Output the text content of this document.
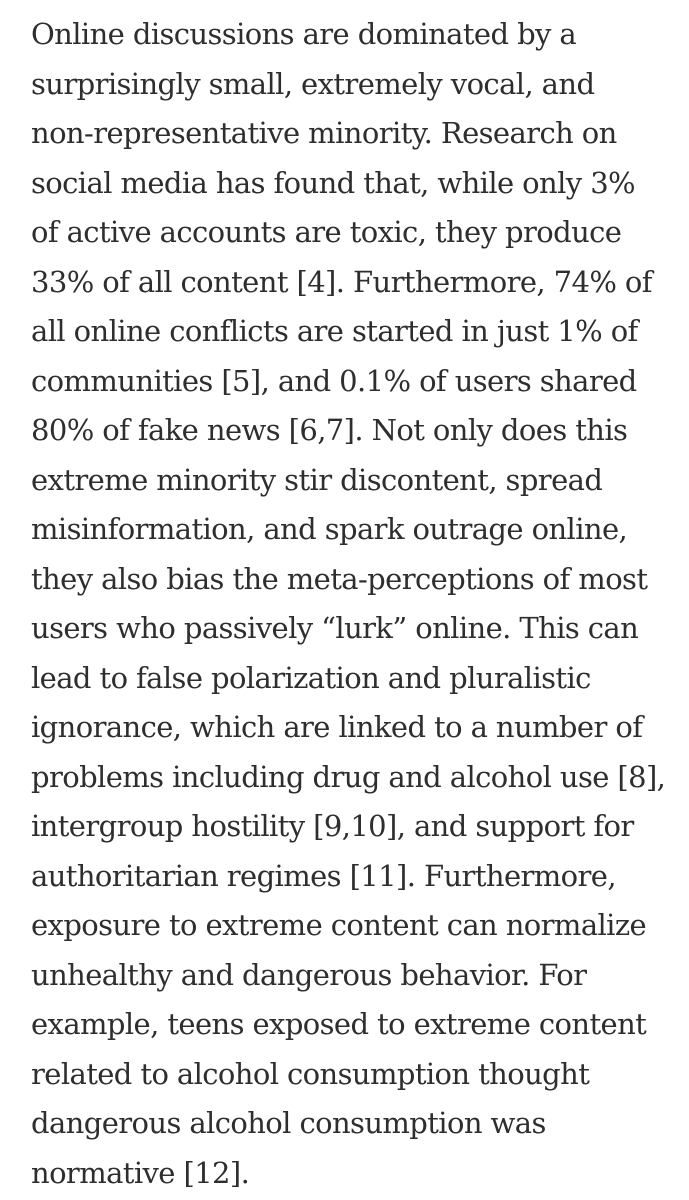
Online discussions are dominated by a
surprisingly small, extremely vocal, and
non-representative minority. Research on
social media has found that, while only 3%
of active accounts are toxic, they produce
33% of all content [4]. Furthermore, 74% of
all online conflicts are started in just 1% of
communities [5], and 0.1% of users shared
80% of fake news [6,7]. Not only does this
extreme minority stir discontent, spread
misinformation, and spark outrage online,
they also bias the meta-perceptions of most
users who passively “lurk” online. This can
lead to false polarization and pluralistic
ignorance, which are linked to a number of
problems including drug and alcohol use [8],
intergroup hostility [9,10], and support for
authoritarian regimes [11]. Furthermore,
exposure to extreme content can normalize
unhealthy and dangerous behavior. For
example, teens exposed to extreme content
related to alcohol consumption thought
dangerous alcohol consumption was
normative [12].
